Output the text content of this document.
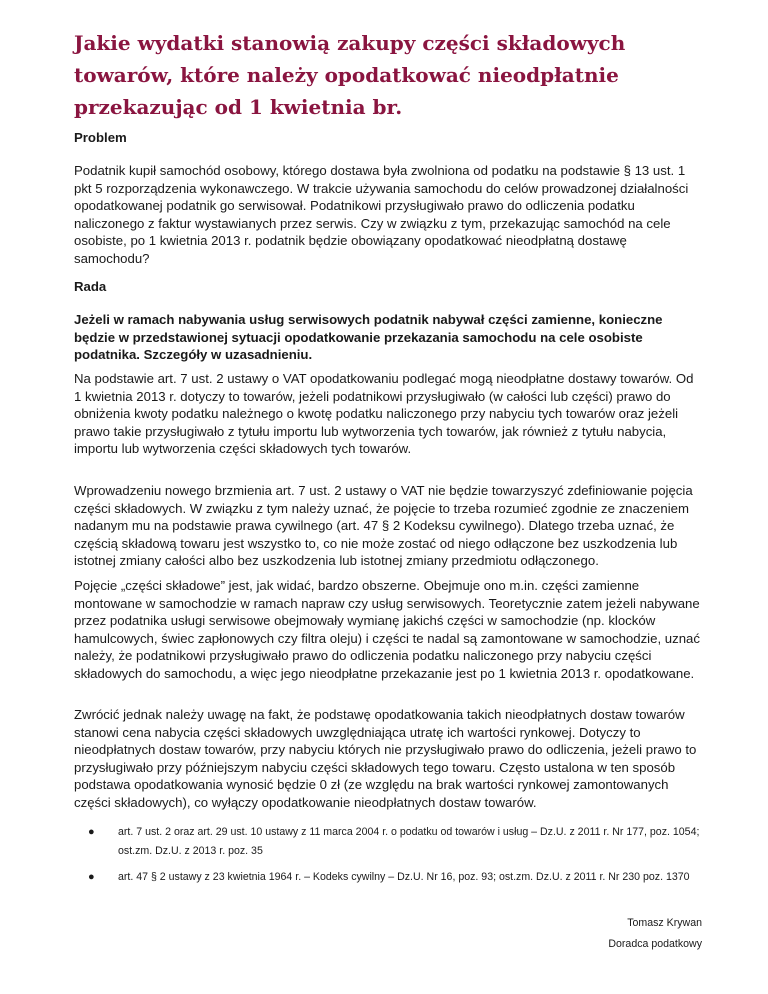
Jakie wydatki stanowią zakupy części składowych towarów, które należy opodatkować nieodpłatnie przekazując od 1 kwietnia br.

Problem

Podatnik kupił samochód osobowy, którego dostawa była zwolniona od podatku na podstawie § 13 ust. 1 pkt 5 rozporządzenia wykonawczego. W trakcie używania samochodu do celów prowadzonej działalności opodatkowanej podatnik go serwisował. Podatnikowi przysługiwało prawo do odliczenia podatku naliczonego z faktur wystawianych przez serwis. Czy w związku z tym, przekazując samochód na cele osobiste, po 1 kwietnia 2013 r. podatnik będzie obowiązany opodatkować nieodpłatną dostawę samochodu?

Rada

Jeżeli w ramach nabywania usług serwisowych podatnik nabywał części zamienne, konieczne będzie w przedstawionej sytuacji opodatkowanie przekazania samochodu na cele osobiste podatnika. Szczegóły w uzasadnieniu.

Na podstawie art. 7 ust. 2 ustawy o VAT opodatkowaniu podlegać mogą nieodpłatne dostawy towarów. Od 1 kwietnia 2013 r. dotyczy to towarów, jeżeli podatnikowi przysługiwało (w całości lub części) prawo do obniżenia kwoty podatku należnego o kwotę podatku naliczonego przy nabyciu tych towarów oraz jeżeli prawo takie przysługiwało z tytułu importu lub wytworzenia tych towarów, jak również z tytułu nabycia, importu lub wytworzenia części składowych tych towarów.

Wprowadzeniu nowego brzmienia art. 7 ust. 2 ustawy o VAT nie będzie towarzyszyć zdefiniowanie pojęcia części składowych. W związku z tym należy uznać, że pojęcie to trzeba rozumieć zgodnie ze znaczeniem nadanym mu na podstawie prawa cywilnego (art. 47 § 2 Kodeksu cywilnego). Dlatego trzeba uznać, że częścią składową towaru jest wszystko to, co nie może zostać od niego odłączone bez uszkodzenia lub istotnej zmiany całości albo bez uszkodzenia lub istotnej zmiany przedmiotu odłączonego.

Pojęcie „części składowe” jest, jak widać, bardzo obszerne. Obejmuje ono m.in. części zamienne montowane w samochodzie w ramach napraw czy usług serwisowych. Teoretycznie zatem jeżeli nabywane przez podatnika usługi serwisowe obejmowały wymianę jakichś części w samochodzie (np. klocków hamulcowych, świec zapłonowych czy filtra oleju) i części te nadal są zamontowane w samochodzie, uznać należy, że podatnikowi przysługiwało prawo do odliczenia podatku naliczonego przy nabyciu części składowych do samochodu, a więc jego nieodpłatne przekazanie jest po 1 kwietnia 2013 r. opodatkowane.

Zwrócić jednak należy uwagę na fakt, że podstawę opodatkowania takich nieodpłatnych dostaw towarów stanowi cena nabycia części składowych uwzględniająca utratę ich wartości rynkowej. Dotyczy to nieodpłatnych dostaw towarów, przy nabyciu których nie przysługiwało prawo do odliczenia, jeżeli prawo to przysługiwało przy późniejszym nabyciu części składowych tego towaru. Często ustalona w ten sposób podstawa opodatkowania wynosić będzie 0 zł (ze względu na brak wartości rynkowej zamontowanych części składowych), co wyłączy opodatkowanie nieodpłatnych dostaw towarów.

● art. 7 ust. 2 oraz art. 29 ust. 10 ustawy z 11 marca 2004 r. o podatku od towarów i usług – Dz.U. z 2011 r. Nr 177, poz. 1054; ost.zm. Dz.U. z 2013 r. poz. 35
● art. 47 § 2 ustawy z 23 kwietnia 1964 r. – Kodeks cywilny – Dz.U. Nr 16, poz. 93; ost.zm. Dz.U. z 2011 r. Nr 230 poz. 1370
Tomasz Krywan
Doradca podatkowy
